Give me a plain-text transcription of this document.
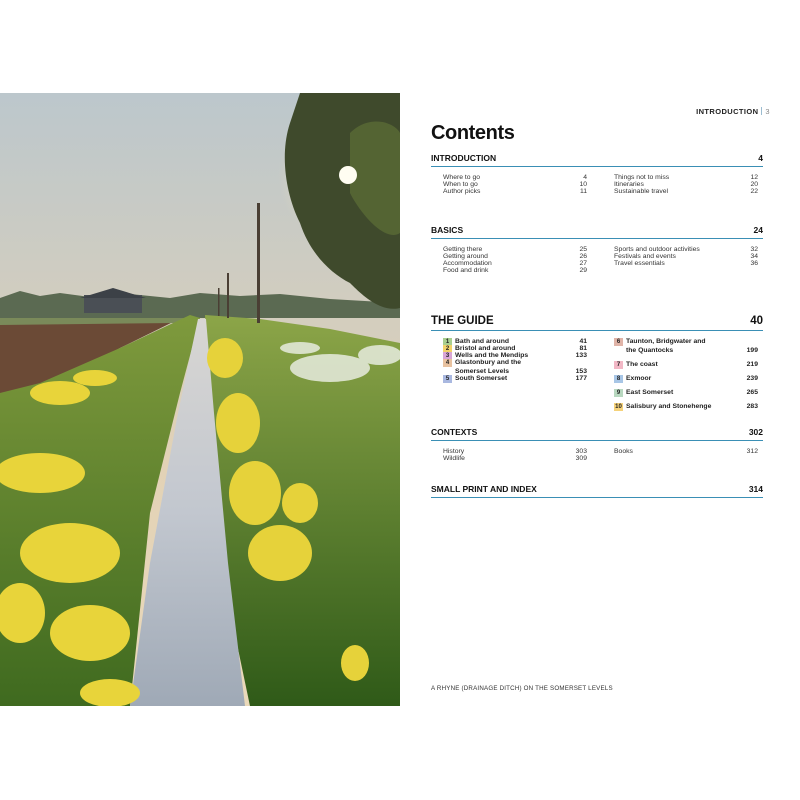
INTRODUCTION 3
Contents
INTRODUCTION	4
Where to go	4
When to go	10
Author picks	11
Things not to miss	12
Itineraries	20
Sustainable travel	22
BASICS	24
Getting there	25
Getting around	26
Accommodation	27
Food and drink	29
Sports and outdoor activities	32
Festivals and events	34
Travel essentials	36
THE GUIDE	40
1 Bath and around	41
2 Bristol and around	81
3 Wells and the Mendips	133
4 Glastonbury and the
Somerset Levels	153
5 South Somerset	177
6 Taunton, Bridgwater and
the Quantocks	199
7 The coast	219
8 Exmoor	239
9 East Somerset	265
10 Salisbury and Stonehenge	283
CONTEXTS	302
History	303
Wildlife	309
Books	312
SMALL PRINT AND INDEX	314
A RHYNE (DRAINAGE DITCH) ON THE SOMERSET LEVELS
